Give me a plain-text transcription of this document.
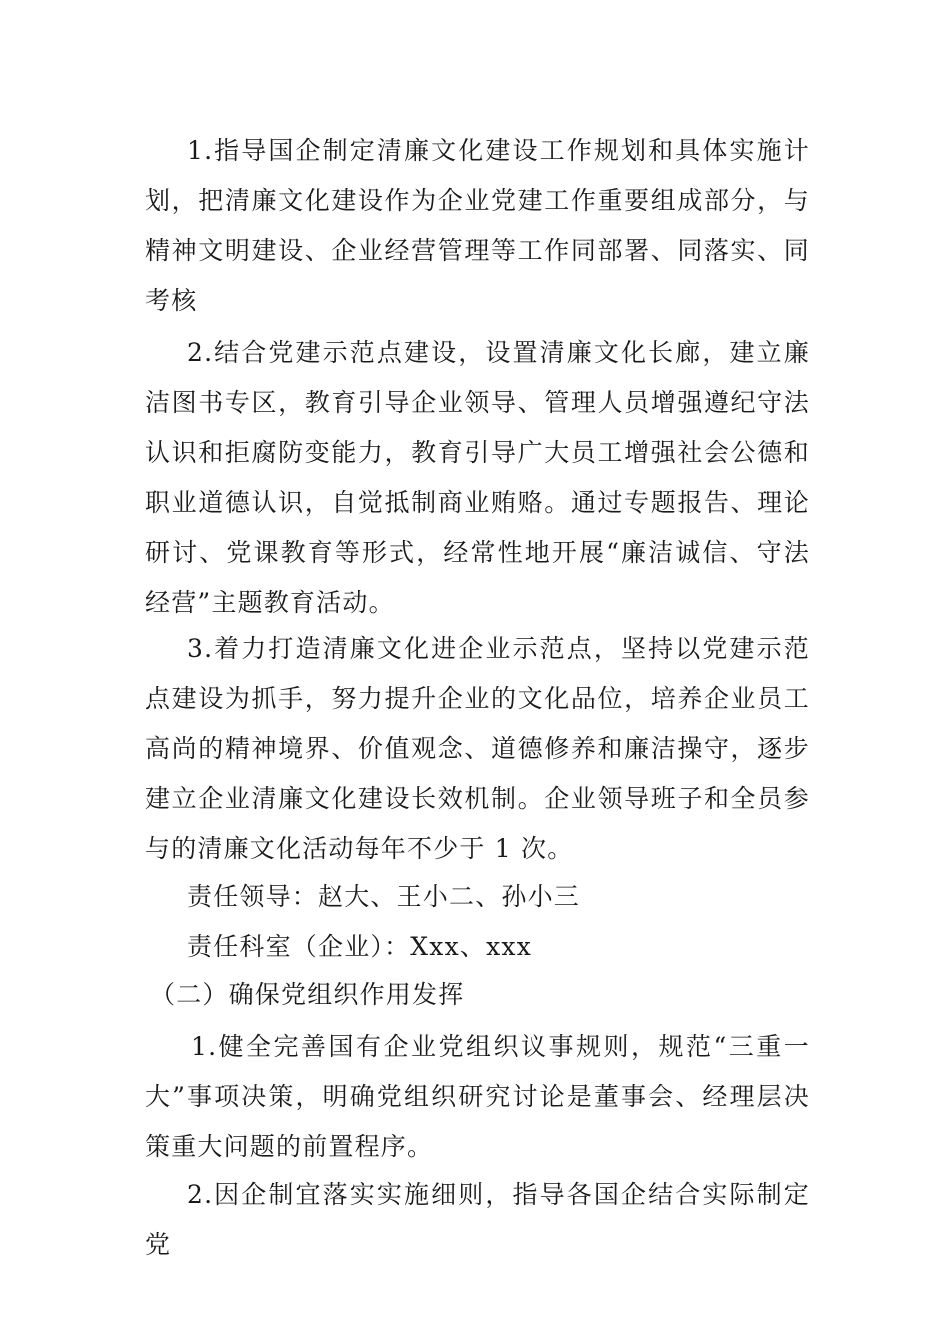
1.指导国企制定清廉文化建设工作规划和具体实施计划，把清廉文化建设作为企业党建工作重要组成部分，与精神文明建设、企业经营管理等工作同部署、同落实、同考核

2.结合党建示范点建设，设置清廉文化长廊，建立廉洁图书专区，教育引导企业领导、管理人员增强遵纪守法认识和拒腐防变能力，教育引导广大员工增强社会公德和职业道德认识，自觉抵制商业贿赂。通过专题报告、理论研讨、党课教育等形式，经常性地开展“廉洁诚信、守法经营”主题教育活动。

3.着力打造清廉文化进企业示范点，坚持以党建示范点建设为抓手，努力提升企业的文化品位，培养企业员工高尚的精神境界、价值观念、道德修养和廉洁操守，逐步建立企业清廉文化建设长效机制。企业领导班子和全员参与的清廉文化活动每年不少于 1 次。

责任领导：赵大、王小二、孙小三

责任科室（企业）：Xxx、xxx

（二）确保党组织作用发挥

1.健全完善国有企业党组织议事规则，规范“三重一大”事项决策，明确党组织研究讨论是董事会、经理层决策重大问题的前置程序。

2.因企制宜落实实施细则，指导各国企结合实际制定党
